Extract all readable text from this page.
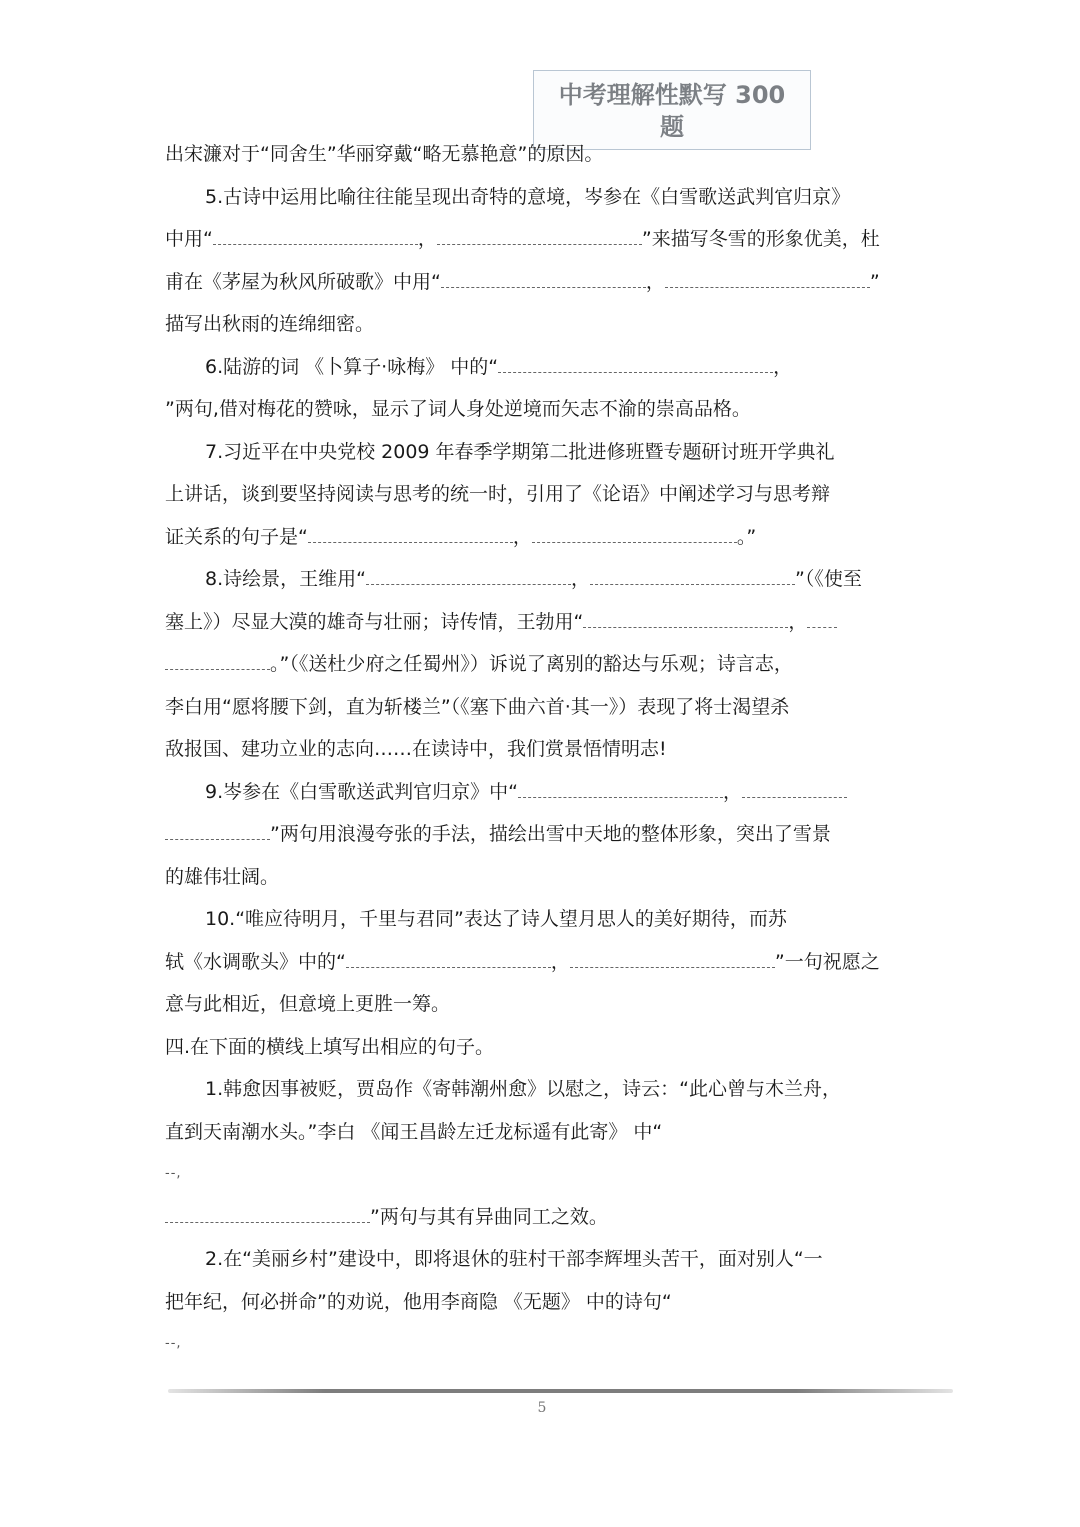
中考理解性默写 300
题
出宋濂对于“同舍生”华丽穿戴“略无慕艳意”的原因。
5.古诗中运用比喻往往能呈现出奇特的意境，岑参在《白雪歌送武判官归京》
中用“	，	”来描写冬雪的形象优美，杜
甫在《茅屋为秋风所破歌》中用“	，	”
描写出秋雨的连绵细密。
6.陆游的词 《卜算子·咏梅》 中的“	，
”两句,借对梅花的赞咏，显示了词人身处逆境而矢志不渝的崇高品格。
7.习近平在中央党校 2009 年春季学期第二批进修班暨专题研讨班开学典礼
上讲话，谈到要坚持阅读与思考的统一时，引用了《论语》中阐述学习与思考辩
证关系的句子是“	，	。”
8.诗绘景，王维用“	，	”（《使至
塞上》）尽显大漠的雄奇与壮丽；诗传情，王勃用“	，
。”（《送杜少府之任蜀州》）诉说了离别的豁达与乐观；诗言志，
李白用“愿将腰下剑，直为斩楼兰”（《塞下曲六首·其一》）表现了将士渴望杀
敌报国、建功立业的志向……在读诗中，我们赏景悟情明志!
9.岑参在《白雪歌送武判官归京》中“	，
”两句用浪漫夸张的手法，描绘出雪中天地的整体形象，突出了雪景
的雄伟壮阔。
10.“唯应待明月，千里与君同”表达了诗人望月思人的美好期待，而苏
轼《水调歌头》中的“	，	”一句祝愿之
意与此相近，但意境上更胜一筹。
四.在下面的横线上填写出相应的句子。
1.韩愈因事被贬，贾岛作《寄韩潮州愈》以慰之，诗云：“此心曾与木兰舟，
直到天南潮水头。”李白 《闻王昌龄左迁龙标遥有此寄》 中“
--,
”两句与其有异曲同工之效。
2.在“美丽乡村”建设中，即将退休的驻村干部李辉埋头苦干，面对别人“一
把年纪，何必拼命”的劝说，他用李商隐 《无题》 中的诗句“
--,
5
